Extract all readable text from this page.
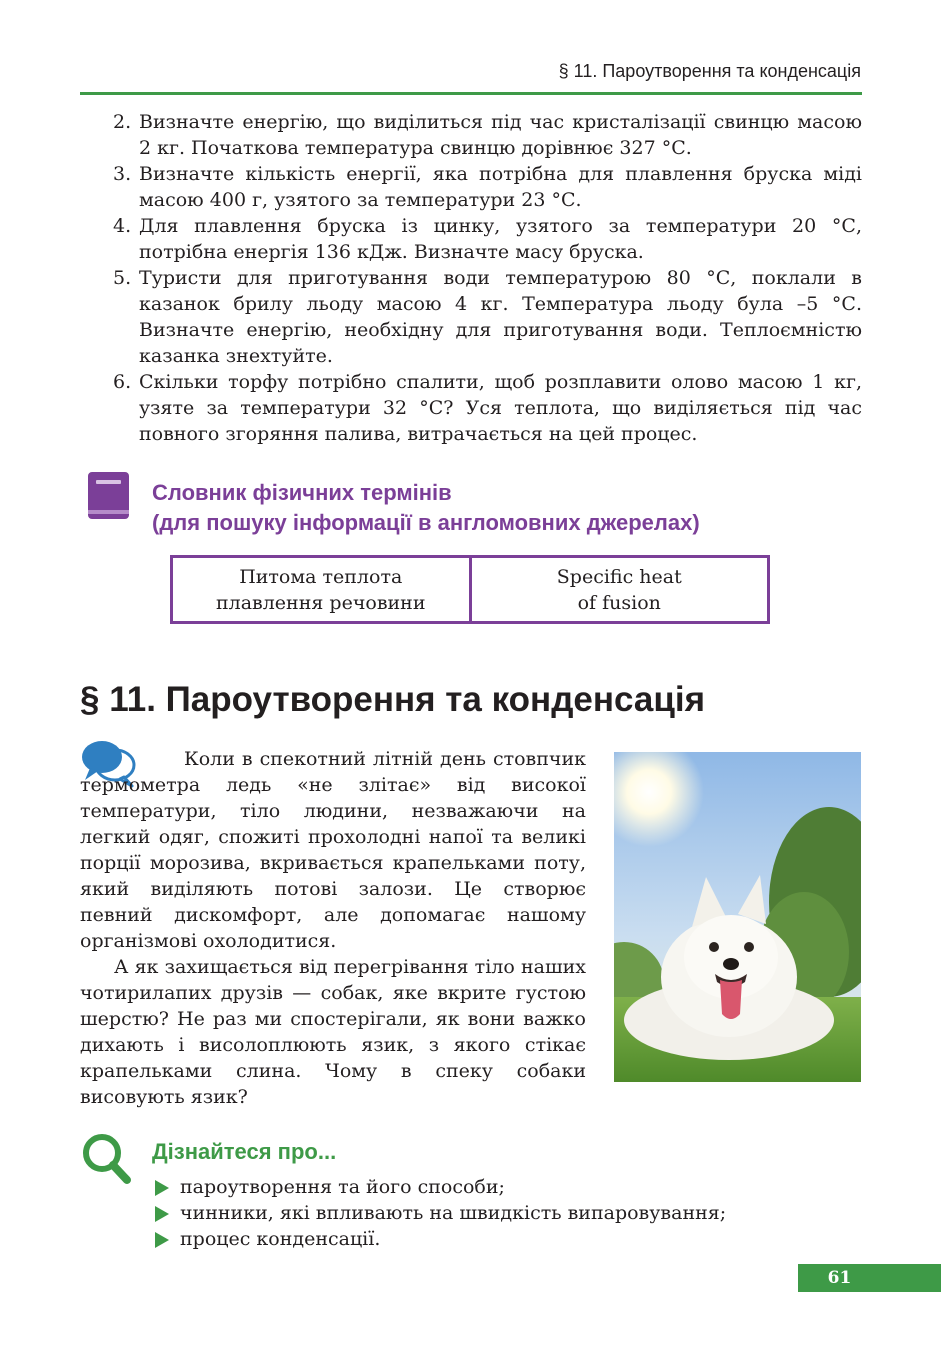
§ 11. Пароутворення та конденсація
2. Визначте енергію, що виділиться під час кристалізації свинцю масою 2 кг. Початкова температура свинцю дорівнює 327 °С.
3. Визначте кількість енергії, яка потрібна для плавлення бруска міді масою 400 г, узятого за температури 23 °С.
4. Для плавлення бруска із цинку, узятого за температури 20 °С, потрібна енергія 136 кДж. Визначте масу бруска.
5. Туристи для приготування води температурою 80 °С, поклали в казанок брилу льоду масою 4 кг. Температура льоду була –5 °С. Визначте енергію, необхідну для приготування води. Теплоємністю казанка знехтуйте.
6. Скільки торфу потрібно спалити, щоб розплавити олово масою 1 кг, узяте за температури 32 °С? Уся теплота, що виділяється під час повного згоряння палива, витрачається на цей процес.
Словник фізичних термінів
(для пошуку інформації в англомовних джерелах)
Питома теплота
плавлення речовини
Specific heat
of fusion
§ 11. Пароутворення та конденсація

Коли в спекотний літній день стовпчик термометра ледь «не злітає» від високої температури, тіло людини, незважаючи на легкий одяг, спожиті прохолодні напої та великі порції морозива, вкривається крапельками поту, який виділяють потові залози. Це створює певний дискомфорт, але допомагає нашому організмові охолодитися.

А як захищається від перегрівання тіло наших чотирилапих друзів — собак, яке вкрите густою шерстю? Не раз ми спостерігали, як вони важко дихають і висолоплюють язик, з якого стікає крапельками слина. Чому в спеку собаки висовують язик?

Дізнайтеся про...
пароутворення та його способи;
чинники, які впливають на швидкість випаровування;
процес конденсації.
61
